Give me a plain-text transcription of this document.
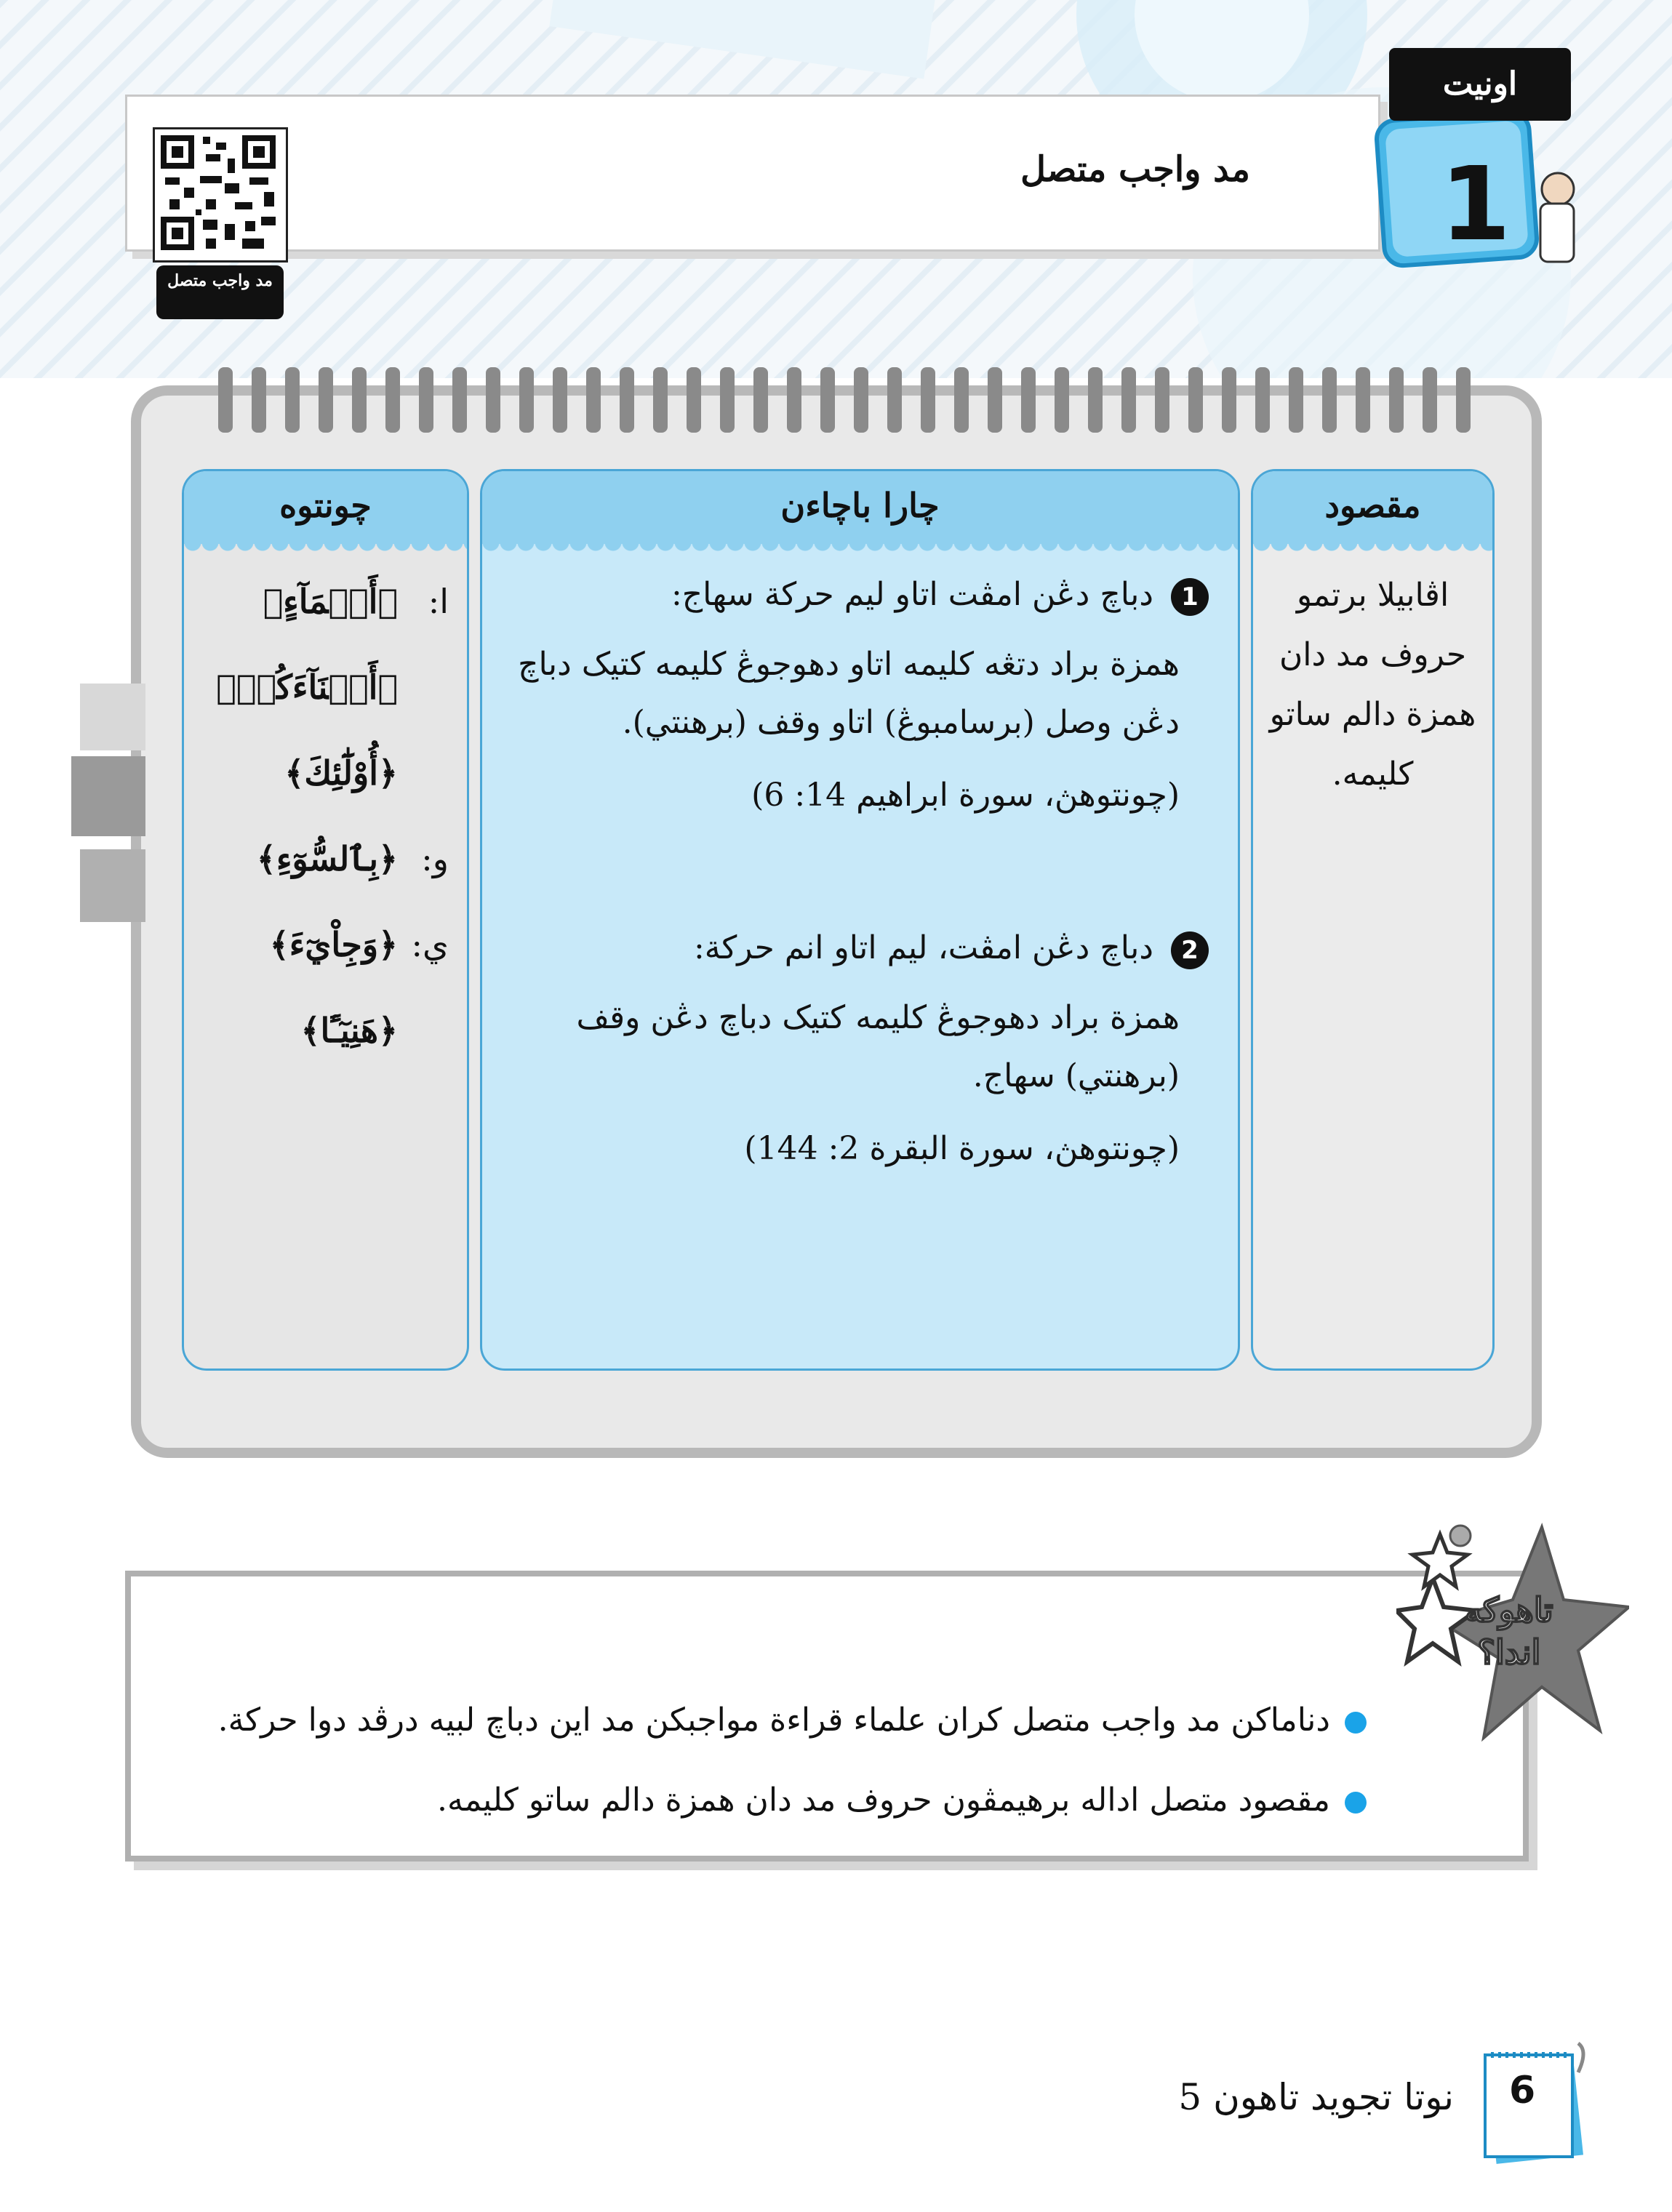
مد واجب متصل
مد واجب متصل
اونيت
1
مقصود
اڤابيلا برتمو حروف مد دان همزة دالم ساتو كليمه.
چارا باچاءن
1 دباچ دڠن امڤت اتاو ليم حركة سهاج:
همزة براد دتڠه كليمه اتاو دهوجوڠ كليمه كتيک دباچ دڠن وصل (برسامبوڠ) اتاو وقف (برهنتي).
(چونتوهڽ، سورة ابراهيم 14: 6)
2 دباچ دڠن امڤت، ليم اتاو انم حركة:
همزة براد دهوجوڠ كليمه كتيک دباچ دڠن وقف (برهنتي) سهاج.
(چونتوهڽ، سورة البقرة 2: 144)
چونتوه
ا:
﴿أَسۡمَآءٍ﴾
﴿أَبۡنَآءَكُمۡ﴾
﴿أُوْلَٰٓئِكَ﴾
و:
﴿بِٱلسُّوٓءِ﴾
ي:
﴿وَجِاْيٓءَ﴾
﴿هَنِيٓـًٔا﴾
دناماكن مد واجب متصل كران علماء قراءة مواجبكن مد اين دباچ لبيه درڤد دوا حركة.
مقصود متصل اداله برهيمڤون حروف مد دان همزة دالم ساتو كليمه.
تاهوكه اندا؟
6
نوتا تجويد تاهون 5
